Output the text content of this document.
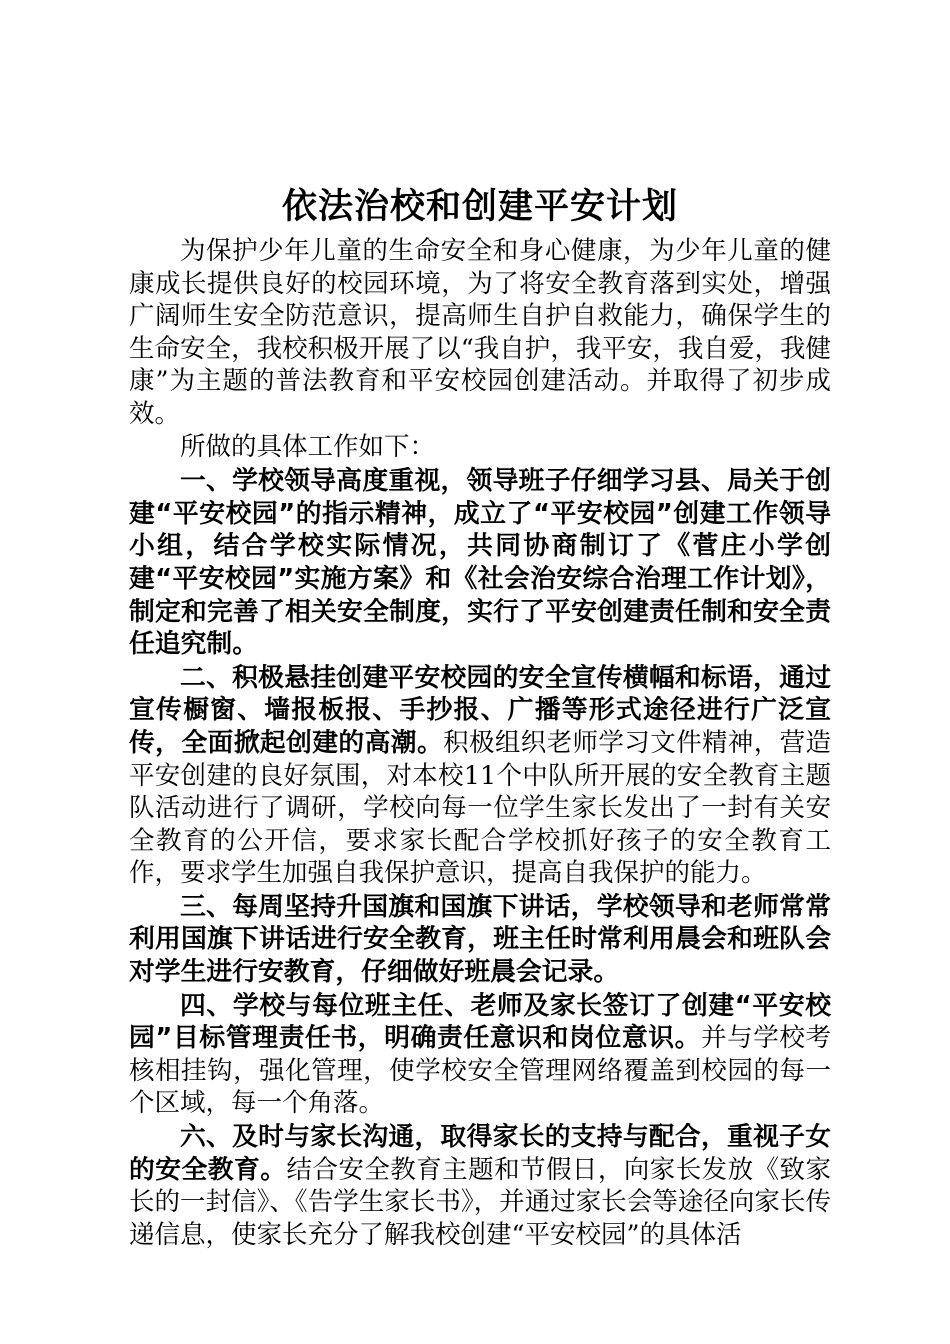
依法治校和创建平安计划

为保护少年儿童的生命安全和身心健康，为少年儿童的健康成长提供良好的校园环境，为了将安全教育落到实处，增强广阔师生安全防范意识，提高师生自护自救能力，确保学生的生命安全，我校积极开展了以“我自护，我平安，我自爱，我健康”为主题的普法教育和平安校园创建活动。并取得了初步成效。

所做的具体工作如下：

一、学校领导高度重视，领导班子仔细学习县、局关于创建“平安校园”的指示精神，成立了“平安校园”创建工作领导小组，结合学校实际情况，共同协商制订了《菅庄小学创建“平安校园”实施方案》和《社会治安综合治理工作计划》，制定和完善了相关安全制度，实行了平安创建责任制和安全责任追究制。

二、积极悬挂创建平安校园的安全宣传横幅和标语，通过宣传橱窗、墙报板报、手抄报、广播等形式途径进行广泛宣传，全面掀起创建的高潮。积极组织老师学习文件精神，营造平安创建的良好氛围，对本校11个中队所开展的安全教育主题队活动进行了调研，学校向每一位学生家长发出了一封有关安全教育的公开信，要求家长配合学校抓好孩子的安全教育工作，要求学生加强自我保护意识，提高自我保护的能力。

三、每周坚持升国旗和国旗下讲话，学校领导和老师常常利用国旗下讲话进行安全教育，班主任时常利用晨会和班队会对学生进行安教育，仔细做好班晨会记录。

四、学校与每位班主任、老师及家长签订了创建“平安校园”目标管理责任书，明确责任意识和岗位意识。并与学校考核相挂钩，强化管理，使学校安全管理网络覆盖到校园的每一个区域，每一个角落。

六、及时与家长沟通，取得家长的支持与配合，重视子女的安全教育。结合安全教育主题和节假日，向家长发放《致家长的一封信》、《告学生家长书》，并通过家长会等途径向家长传递信息，使家长充分了解我校创建“平安校园”的具体活
